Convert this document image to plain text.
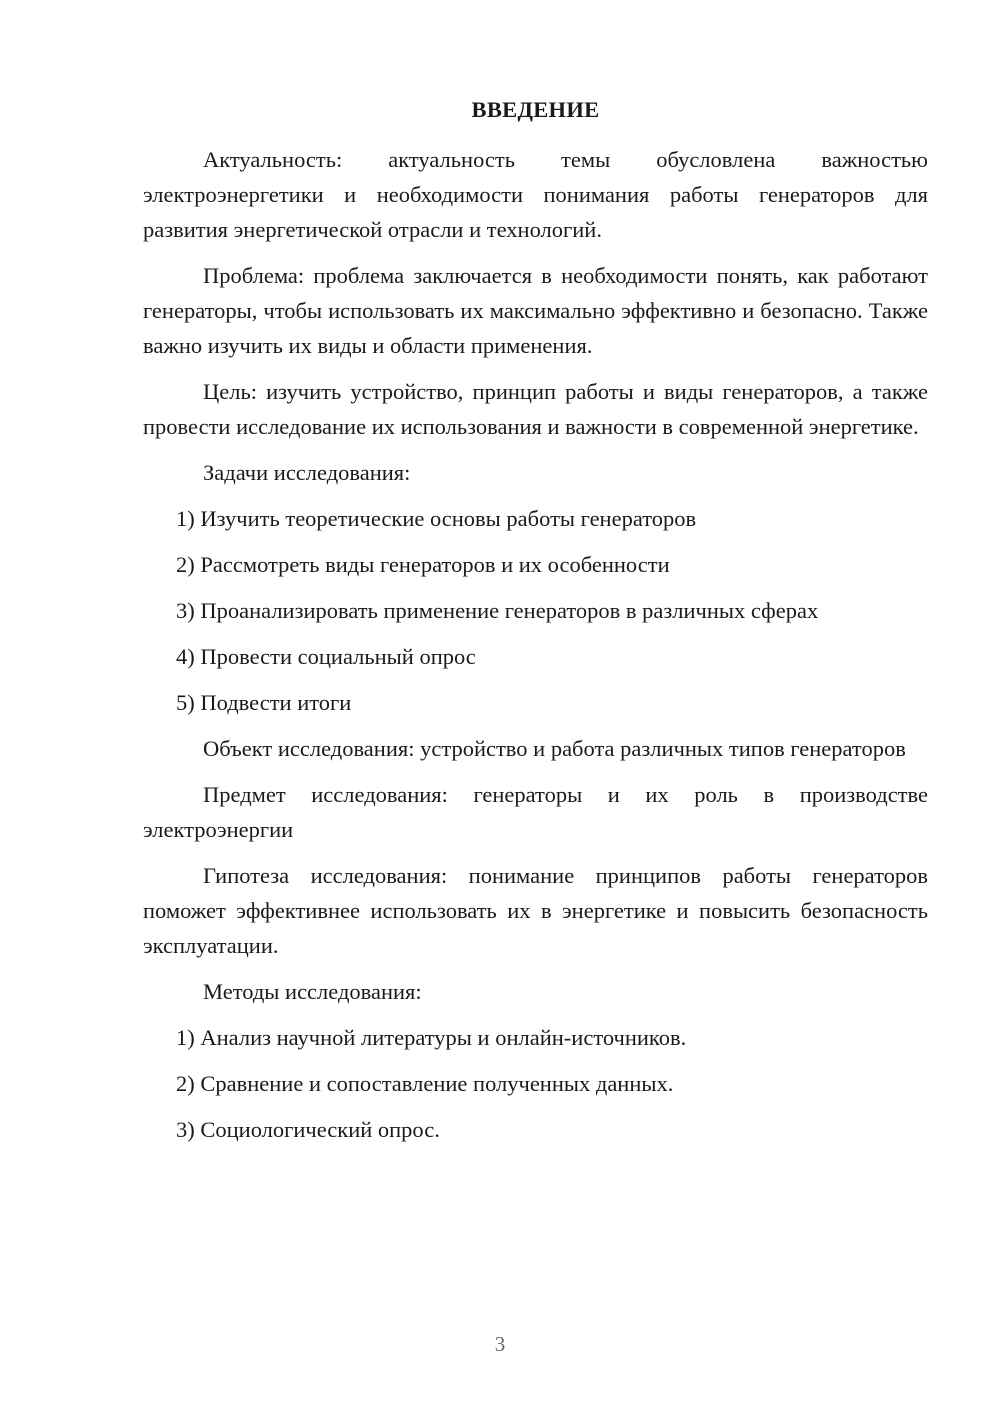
ВВЕДЕНИЕ

Актуальность: актуальность темы обусловлена важностью электроэнергетики и необходимости понимания работы генераторов для развития энергетической отрасли и технологий.

Проблема: проблема заключается в необходимости понять, как работают генераторы, чтобы использовать их максимально эффективно и безопасно. Также важно изучить их виды и области применения.

Цель: изучить устройство, принцип работы и виды генераторов, а также провести исследование их использования и важности в современной энергетике.

Задачи исследования:

1) Изучить теоретические основы работы генераторов

2) Рассмотреть виды генераторов и их особенности

3) Проанализировать применение генераторов в различных сферах

4) Провести социальный опрос

5) Подвести итоги

Объект исследования: устройство и работа различных типов генераторов

Предмет исследования: генераторы и их роль в производстве электроэнергии

Гипотеза исследования: понимание принципов работы генераторов поможет эффективнее использовать их в энергетике и повысить безопасность эксплуатации.

Методы исследования:

1) Анализ научной литературы и онлайн-источников.

2) Сравнение и сопоставление полученных данных.

3) Социологический опрос.

3
